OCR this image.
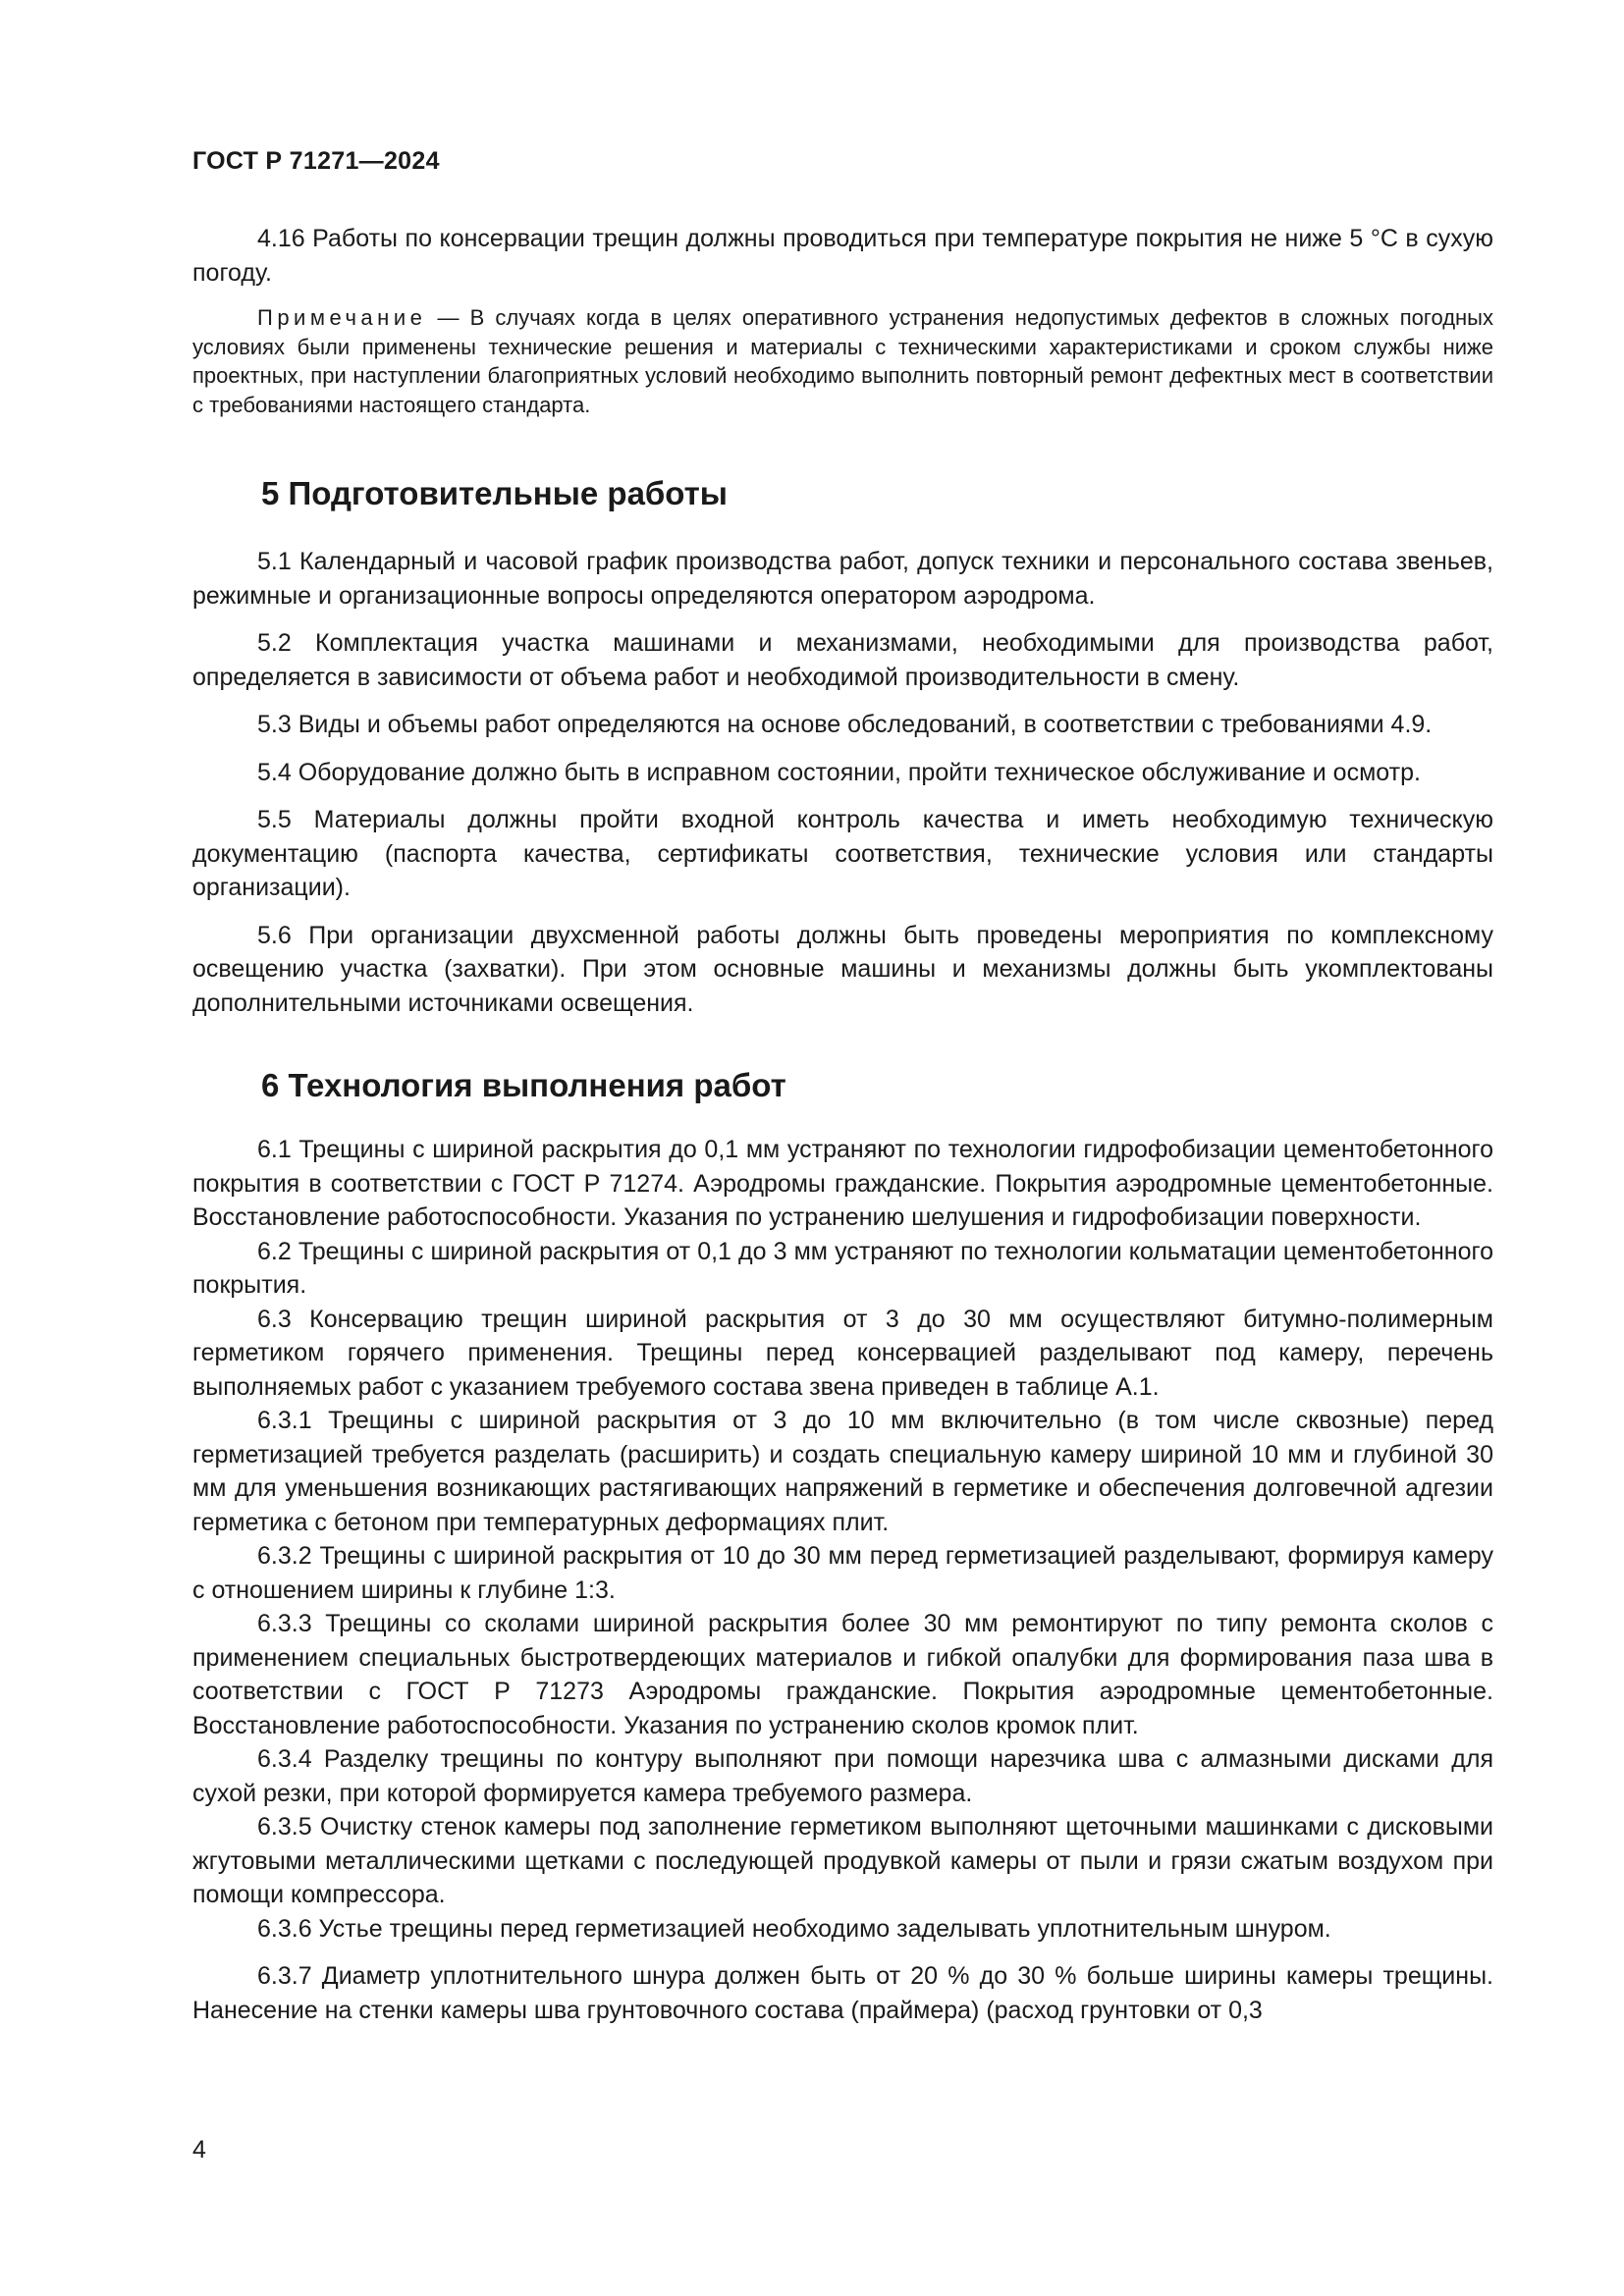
ГОСТ Р 71271—2024

4.16 Работы по консервации трещин должны проводиться при температуре покрытия не ниже 5 °С в сухую погоду.

Примечание — В случаях когда в целях оперативного устранения недопустимых дефектов в сложных погодных условиях были применены технические решения и материалы с техническими характеристиками и сроком службы ниже проектных, при наступлении благоприятных условий необходимо выполнить повторный ремонт дефектных мест в соответствии с требованиями настоящего стандарта.

5 Подготовительные работы

5.1 Календарный и часовой график производства работ, допуск техники и персонального состава звеньев, режимные и организационные вопросы определяются оператором аэродрома.

5.2 Комплектация участка машинами и механизмами, необходимыми для производства работ, определяется в зависимости от объема работ и необходимой производительности в смену.

5.3 Виды и объемы работ определяются на основе обследований, в соответствии с требованиями 4.9.

5.4 Оборудование должно быть в исправном состоянии, пройти техническое обслуживание и осмотр.

5.5 Материалы должны пройти входной контроль качества и иметь необходимую техническую документацию (паспорта качества, сертификаты соответствия, технические условия или стандарты организации).

5.6 При организации двухсменной работы должны быть проведены мероприятия по комплексному освещению участка (захватки). При этом основные машины и механизмы должны быть укомплектованы дополнительными источниками освещения.

6 Технология выполнения работ

6.1 Трещины с шириной раскрытия до 0,1 мм устраняют по технологии гидрофобизации цементобетонного покрытия в соответствии с ГОСТ Р 71274. Аэродромы гражданские. Покрытия аэродромные цементобетонные. Восстановление работоспособности. Указания по устранению шелушения и гидрофобизации поверхности.

6.2 Трещины с шириной раскрытия от 0,1 до 3 мм устраняют по технологии кольматации цементобетонного покрытия.

6.3 Консервацию трещин шириной раскрытия от 3 до 30 мм осуществляют битумно-полимерным герметиком горячего применения. Трещины перед консервацией разделывают под камеру, перечень выполняемых работ с указанием требуемого состава звена приведен в таблице А.1.

6.3.1 Трещины с шириной раскрытия от 3 до 10 мм включительно (в том числе сквозные) перед герметизацией требуется разделать (расширить) и создать специальную камеру шириной 10 мм и глубиной 30 мм для уменьшения возникающих растягивающих напряжений в герметике и обеспечения долговечной адгезии герметика с бетоном при температурных деформациях плит.

6.3.2 Трещины с шириной раскрытия от 10 до 30 мм перед герметизацией разделывают, формируя камеру с отношением ширины к глубине 1:3.

6.3.3 Трещины со сколами шириной раскрытия более 30 мм ремонтируют по типу ремонта сколов с применением специальных быстротвердеющих материалов и гибкой опалубки для формирования паза шва в соответствии с ГОСТ Р 71273 Аэродромы гражданские. Покрытия аэродромные цементобетонные. Восстановление работоспособности. Указания по устранению сколов кромок плит.

6.3.4 Разделку трещины по контуру выполняют при помощи нарезчика шва с алмазными дисками для сухой резки, при которой формируется камера требуемого размера.

6.3.5 Очистку стенок камеры под заполнение герметиком выполняют щеточными машинками с дисковыми жгутовыми металлическими щетками с последующей продувкой камеры от пыли и грязи сжатым воздухом при помощи компрессора.

6.3.6 Устье трещины перед герметизацией необходимо заделывать уплотнительным шнуром.

6.3.7 Диаметр уплотнительного шнура должен быть от 20 % до 30 % больше ширины камеры трещины. Нанесение на стенки камеры шва грунтовочного состава (праймера) (расход грунтовки от 0,3

4
